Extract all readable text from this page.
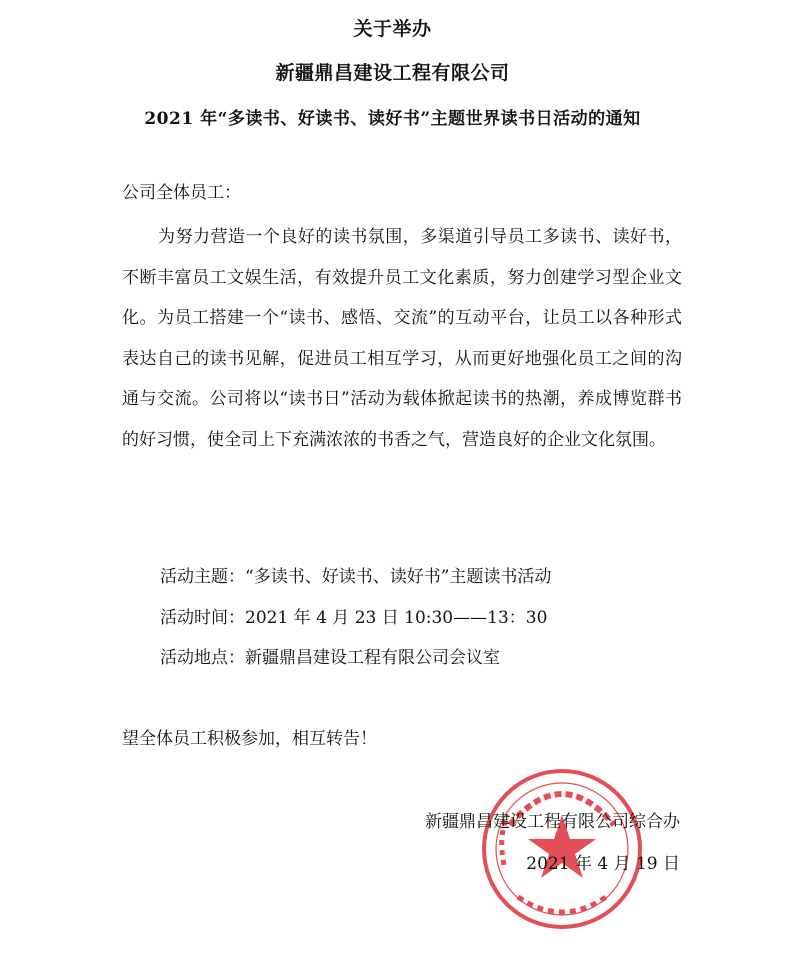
关于举办
新疆鼎昌建设工程有限公司
2021 年“多读书、好读书、读好书”主题世界读书日活动的通知
公司全体员工：

为努力营造一个良好的读书氛围，多渠道引导员工多读书、读好书，不断丰富员工文娱生活，有效提升员工文化素质，努力创建学习型企业文化。为员工搭建一个“读书、感悟、交流”的互动平台，让员工以各种形式表达自己的读书见解，促进员工相互学习，从而更好地强化员工之间的沟通与交流。公司将以“读书日”活动为载体掀起读书的热潮，养成博览群书的好习惯，使全司上下充满浓浓的书香之气，营造良好的企业文化氛围。

活动主题：“多读书、好读书、读好书”主题读书活动
活动时间：2021 年 4 月 23 日 10:30——13：30
活动地点：新疆鼎昌建设工程有限公司会议室
望全体员工积极参加，相互转告！
新疆鼎昌建设工程有限公司综合办
2021 年 4 月 19 日
